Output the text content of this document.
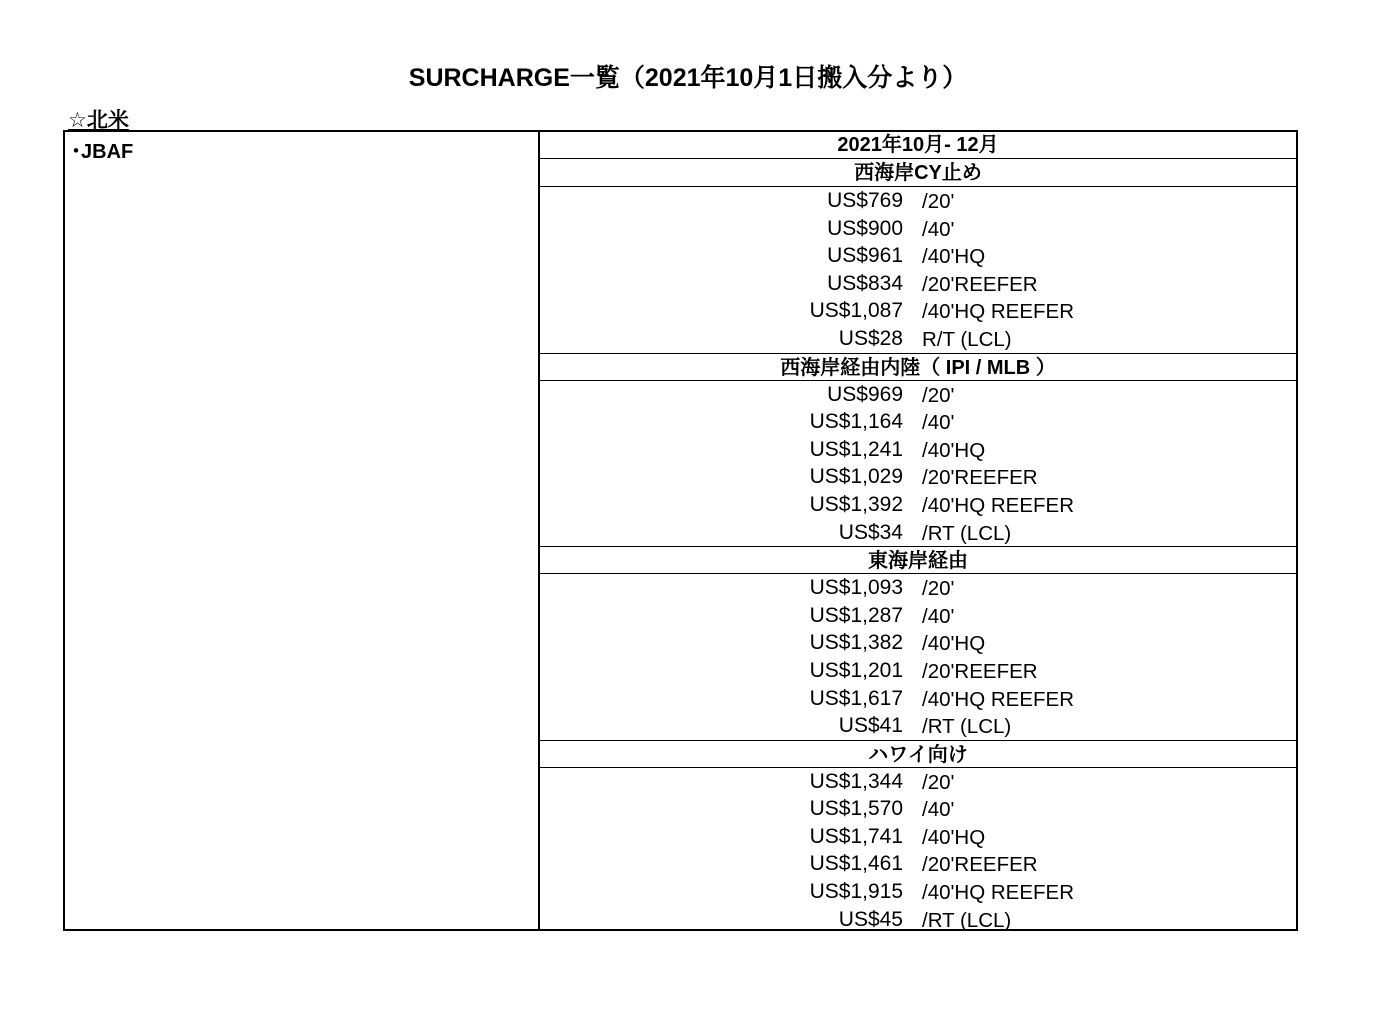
SURCHARGE一覧（2021年10月1日搬入分より）
☆北米
･JBAF	2021年10月- 12月
西海岸CY止め
US$769 /20'
US$900 /40'
US$961 /40'HQ
US$834 /20'REEFER
US$1,087 /40'HQ REEFER
US$28 R/T (LCL)
西海岸経由内陸（ IPI / MLB ）
US$969 /20'
US$1,164 /40'
US$1,241 /40'HQ
US$1,029 /20'REEFER
US$1,392 /40'HQ REEFER
US$34 /RT (LCL)
東海岸経由
US$1,093 /20'
US$1,287 /40'
US$1,382 /40'HQ
US$1,201 /20'REEFER
US$1,617 /40'HQ REEFER
US$41 /RT (LCL)
ハワイ向け
US$1,344 /20'
US$1,570 /40'
US$1,741 /40'HQ
US$1,461 /20'REEFER
US$1,915 /40'HQ REEFER
US$45 /RT (LCL)
